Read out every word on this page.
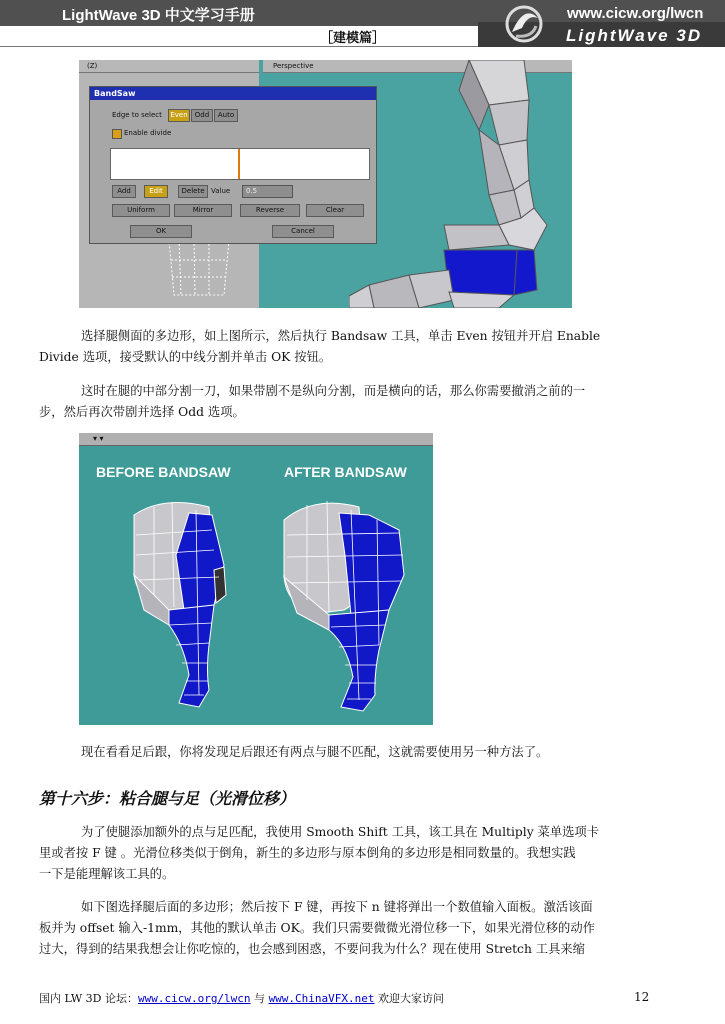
LightWave 3D 中文学习手册
［建模篇］
www.cicw.org/lwcn
LightWave 3D
(Z)	Perspective
BandSaw
Edge to select	Even	Odd	Auto
Enable divide
Add	Edit	Delete Value	0.5
Uniform	Mirror	Reverse	Clear
OK	Cancel
选择腿侧面的多边形，如上图所示，然后执行 Bandsaw 工具，单击 Even 按钮并开启 Enable
Divide 选项，接受默认的中线分割并单击 OK 按钮。
这时在腿的中部分割一刀，如果带剧不是纵向分割，而是横向的话，那么你需要撤消之前的一
步，然后再次带剧并选择 Odd 选项。
▾ ▾
BEFORE BANDSAW	AFTER BANDSAW
现在看看足后跟，你将发现足后跟还有两点与腿不匹配，这就需要使用另一种方法了。
第十六步：粘合腿与足（光滑位移）
为了使腿添加额外的点与足匹配，我使用 Smooth Shift 工具，该工具在 Multiply 菜单选项卡
里或者按 F 键 。光滑位移类似于倒角，新生的多边形与原本倒角的多边形是相同数量的。我想实践
一下是能理解该工具的。
如下图选择腿后面的多边形；然后按下 F 键，再按下 n 键将弹出一个数值输入面板。激活该面
板并为 offset 输入-1mm，其他的默认单击 OK。我们只需要微微光滑位移一下，如果光滑位移的动作
过大，得到的结果我想会让你吃惊的，也会感到困惑，不要问我为什么？现在使用 Stretch 工具来缩
国内 LW 3D 论坛：www.cicw.org/lwcn 与 www.ChinaVFX.net 欢迎大家访问	12
